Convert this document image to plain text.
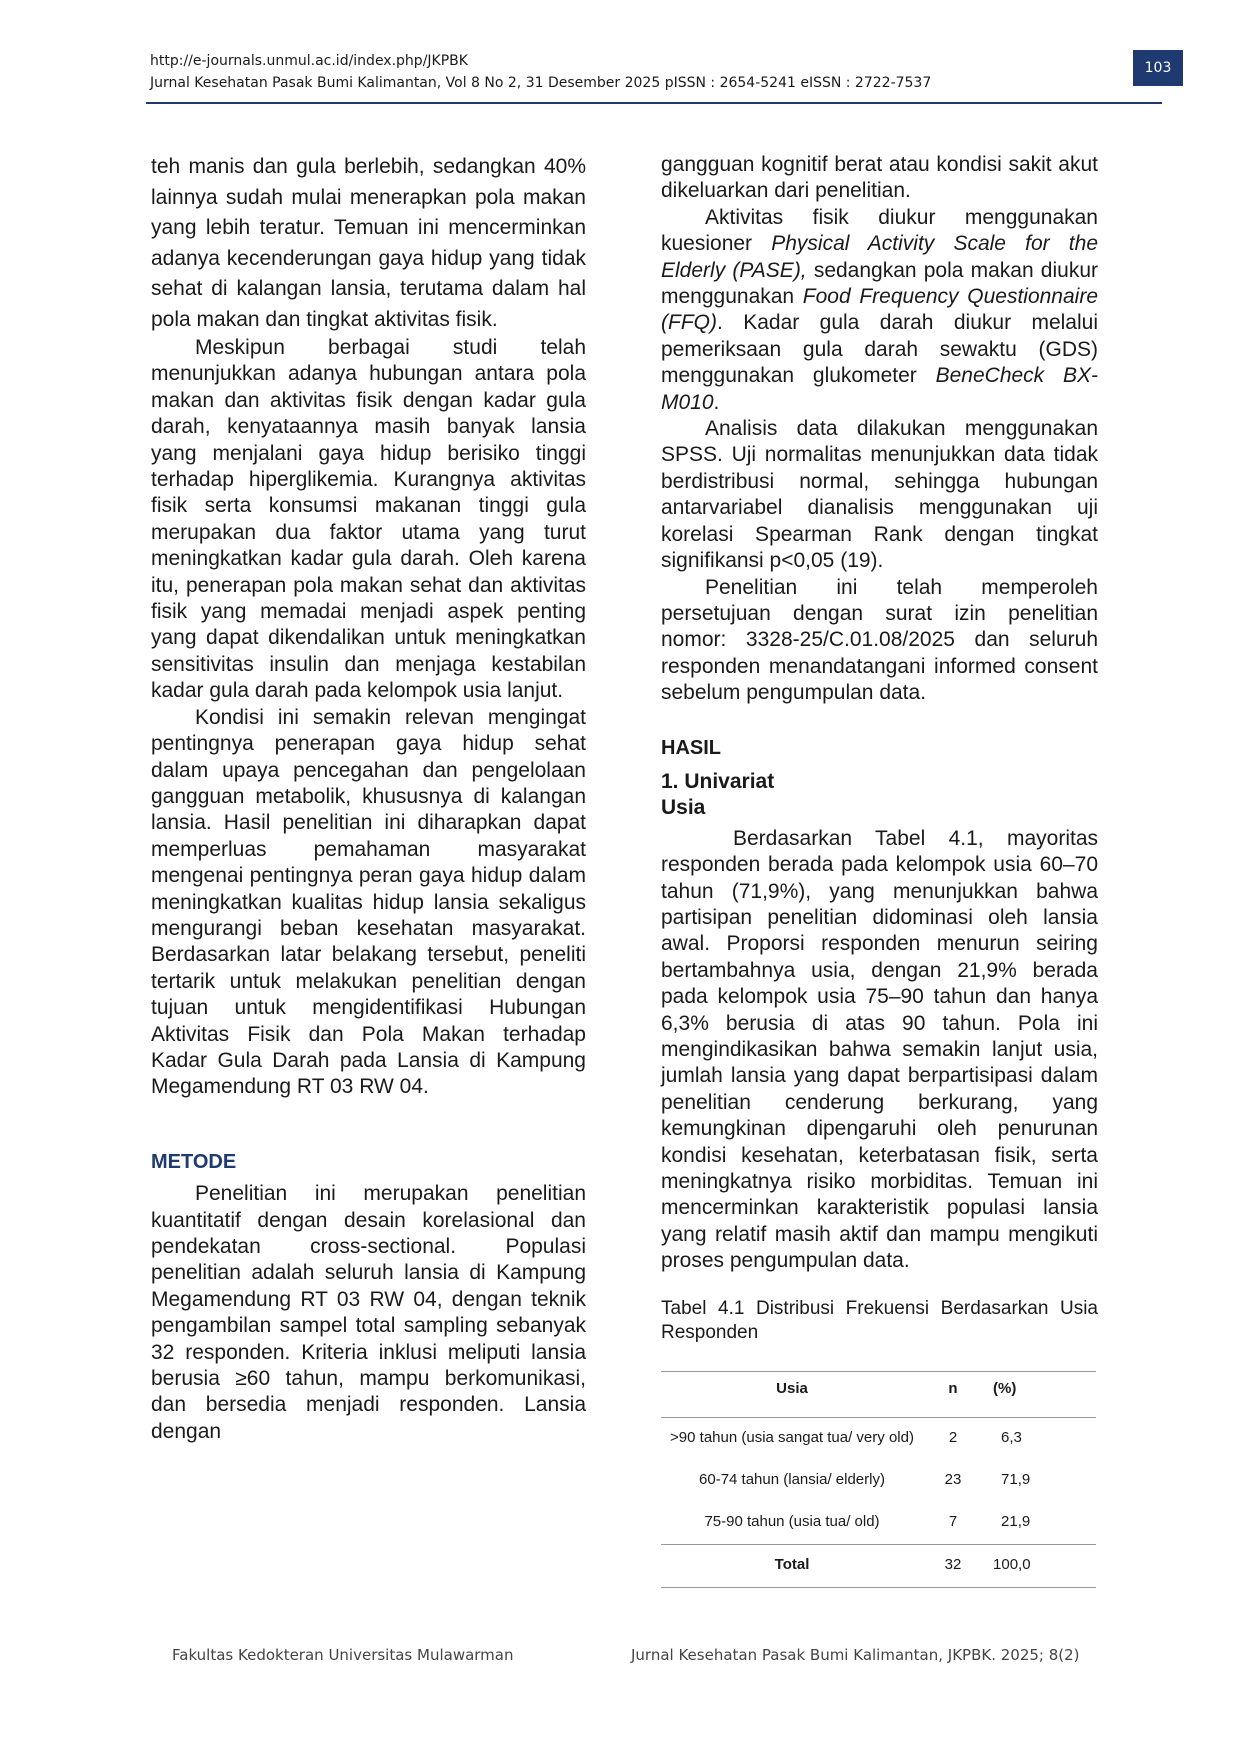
http://e-journals.unmul.ac.id/index.php/JKPBK
Jurnal Kesehatan Pasak Bumi Kalimantan, Vol 8 No 2, 31 Desember 2025 pISSN : 2654-5241 eISSN : 2722-7537
103

teh manis dan gula berlebih, sedangkan 40% lainnya sudah mulai menerapkan pola makan yang lebih teratur. Temuan ini mencerminkan adanya kecenderungan gaya hidup yang tidak sehat di kalangan lansia, terutama dalam hal pola makan dan tingkat aktivitas fisik.

Meskipun berbagai studi telah menunjukkan adanya hubungan antara pola makan dan aktivitas fisik dengan kadar gula darah, kenyataannya masih banyak lansia yang menjalani gaya hidup berisiko tinggi terhadap hiperglikemia. Kurangnya aktivitas fisik serta konsumsi makanan tinggi gula merupakan dua faktor utama yang turut meningkatkan kadar gula darah. Oleh karena itu, penerapan pola makan sehat dan aktivitas fisik yang memadai menjadi aspek penting yang dapat dikendalikan untuk meningkatkan sensitivitas insulin dan menjaga kestabilan kadar gula darah pada kelompok usia lanjut.

Kondisi ini semakin relevan mengingat pentingnya penerapan gaya hidup sehat dalam upaya pencegahan dan pengelolaan gangguan metabolik, khususnya di kalangan lansia. Hasil penelitian ini diharapkan dapat memperluas pemahaman masyarakat mengenai pentingnya peran gaya hidup dalam meningkatkan kualitas hidup lansia sekaligus mengurangi beban kesehatan masyarakat. Berdasarkan latar belakang tersebut, peneliti tertarik untuk melakukan penelitian dengan tujuan untuk mengidentifikasi Hubungan Aktivitas Fisik dan Pola Makan terhadap Kadar Gula Darah pada Lansia di Kampung Megamendung RT 03 RW 04.

METODE

Penelitian ini merupakan penelitian kuantitatif dengan desain korelasional dan pendekatan cross-sectional. Populasi penelitian adalah seluruh lansia di Kampung Megamendung RT 03 RW 04, dengan teknik pengambilan sampel total sampling sebanyak 32 responden. Kriteria inklusi meliputi lansia berusia ≥60 tahun, mampu berkomunikasi, dan bersedia menjadi responden. Lansia dengan

gangguan kognitif berat atau kondisi sakit akut dikeluarkan dari penelitian.

Aktivitas fisik diukur menggunakan kuesioner Physical Activity Scale for the Elderly (PASE), sedangkan pola makan diukur menggunakan Food Frequency Questionnaire (FFQ). Kadar gula darah diukur melalui pemeriksaan gula darah sewaktu (GDS) menggunakan glukometer BeneCheck BX-M010.

Analisis data dilakukan menggunakan SPSS. Uji normalitas menunjukkan data tidak berdistribusi normal, sehingga hubungan antarvariabel dianalisis menggunakan uji korelasi Spearman Rank dengan tingkat signifikansi p<0,05 (19).

Penelitian ini telah memperoleh persetujuan dengan surat izin penelitian nomor: 3328-25/C.01.08/2025 dan seluruh responden menandatangani informed consent sebelum pengumpulan data.

HASIL

1. Univariat

Usia

Berdasarkan Tabel 4.1, mayoritas responden berada pada kelompok usia 60–70 tahun (71,9%), yang menunjukkan bahwa partisipan penelitian didominasi oleh lansia awal. Proporsi responden menurun seiring bertambahnya usia, dengan 21,9% berada pada kelompok usia 75–90 tahun dan hanya 6,3% berusia di atas 90 tahun. Pola ini mengindikasikan bahwa semakin lanjut usia, jumlah lansia yang dapat berpartisipasi dalam penelitian cenderung berkurang, yang kemungkinan dipengaruhi oleh penurunan kondisi kesehatan, keterbatasan fisik, serta meningkatnya risiko morbiditas. Temuan ini mencerminkan karakteristik populasi lansia yang relatif masih aktif dan mampu mengikuti proses pengumpulan data.

Tabel 4.1 Distribusi Frekuensi Berdasarkan Usia Responden

Usia	n	(%)
>90 tahun (usia sangat tua/ very old)	2	6,3
60-74 tahun (lansia/ elderly)	23	71,9
75-90 tahun (usia tua/ old)	7	21,9
Total	32	100,0
Fakultas Kedokteran Universitas Mulawarman	Jurnal Kesehatan Pasak Bumi Kalimantan, JKPBK. 2025; 8(2)
